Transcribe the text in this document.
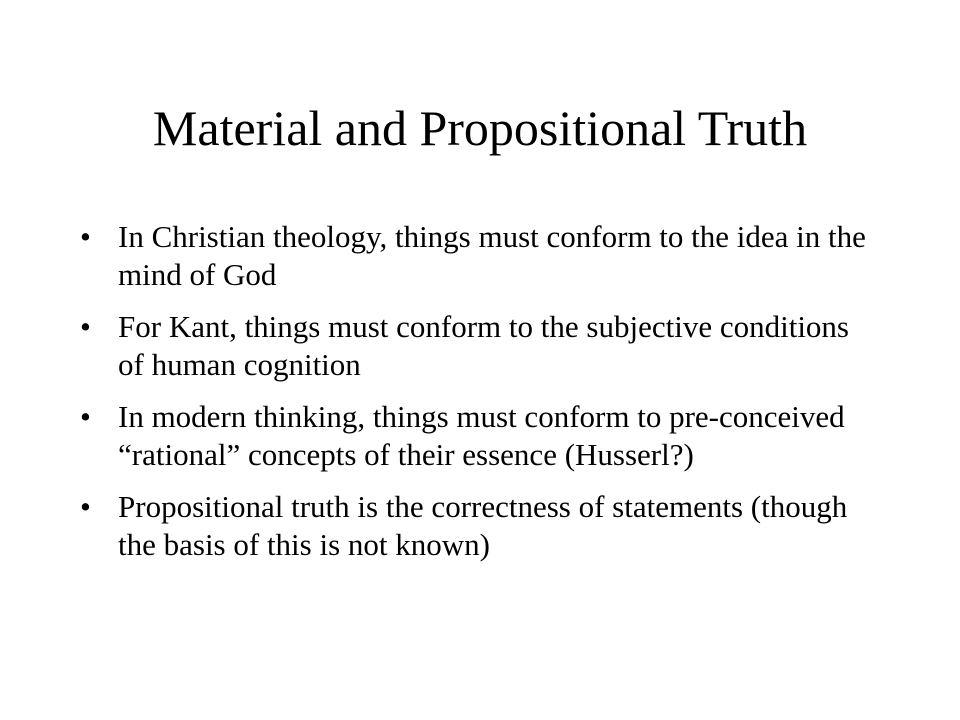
Material and Propositional Truth
• In Christian theology, things must conform to the idea in the mind of God
• For Kant, things must conform to the subjective conditions of human cognition
• In modern thinking, things must conform to pre-conceived “rational” concepts of their essence (Husserl?)
• Propositional truth is the correctness of statements (though the basis of this is not known)
